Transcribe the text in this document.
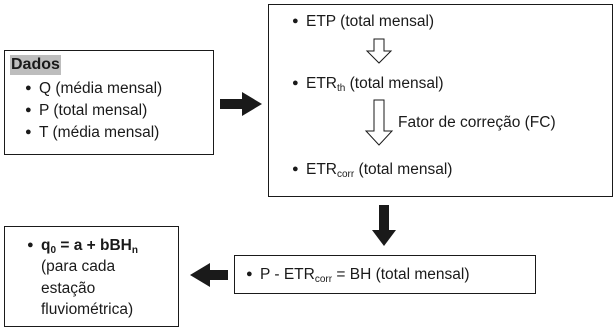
Dados
● Q (média mensal)
● P (total mensal)
● T (média mensal)
● ETP (total mensal)
● $ETR_{th}$ (total mensal)
Fator de correção (FC)
● $ETR_{corr}$ (total mensal)
● P - $ETR_{corr}$ = BH (total mensal)
● $q_0 = a + bBH_n$
(para cada
estação
fluviométrica)
